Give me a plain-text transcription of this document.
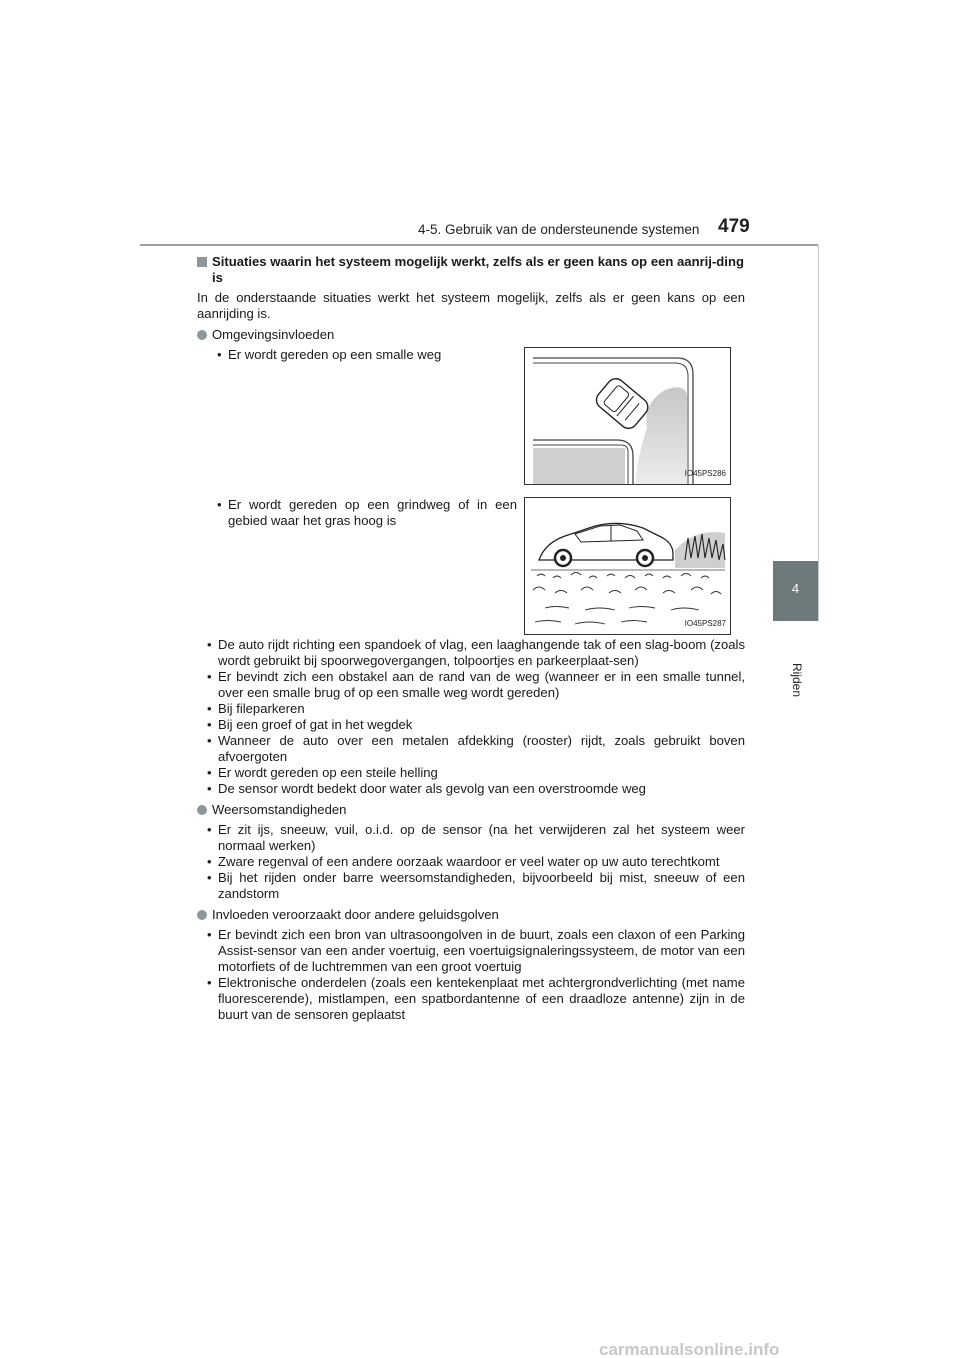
4-5. Gebruik van de ondersteunende systemen 479
4
Rijden
Situaties waarin het systeem mogelijk werkt, zelfs als er geen kans op een aanrij-ding is

In de onderstaande situaties werkt het systeem mogelijk, zelfs als er geen kans op een aanrijding is.

Omgevingsinvloeden
• Er wordt gereden op een smalle weg
IO45PS286
• Er wordt gereden op een grindweg of in een gebied waar het gras hoog is
IO45PS287
• De auto rijdt richting een spandoek of vlag, een laaghangende tak of een slag-boom (zoals wordt gebruikt bij spoorwegovergangen, tolpoortjes en parkeerplaat-sen)
• Er bevindt zich een obstakel aan de rand van de weg (wanneer er in een smalle tunnel, over een smalle brug of op een smalle weg wordt gereden)
• Bij fileparkeren
• Bij een groef of gat in het wegdek
• Wanneer de auto over een metalen afdekking (rooster) rijdt, zoals gebruikt boven afvoergoten
• Er wordt gereden op een steile helling
• De sensor wordt bedekt door water als gevolg van een overstroomde weg
Weersomstandigheden
• Er zit ijs, sneeuw, vuil, o.i.d. op de sensor (na het verwijderen zal het systeem weer normaal werken)
• Zware regenval of een andere oorzaak waardoor er veel water op uw auto terechtkomt
• Bij het rijden onder barre weersomstandigheden, bijvoorbeeld bij mist, sneeuw of een zandstorm
Invloeden veroorzaakt door andere geluidsgolven
• Er bevindt zich een bron van ultrasoongolven in de buurt, zoals een claxon of een Parking Assist-sensor van een ander voertuig, een voertuigsignaleringssysteem, de motor van een motorfiets of de luchtremmen van een groot voertuig
• Elektronische onderdelen (zoals een kentekenplaat met achtergrondverlichting (met name fluorescerende), mistlampen, een spatbordantenne of een draadloze antenne) zijn in de buurt van de sensoren geplaatst
carmanualsonline.info
